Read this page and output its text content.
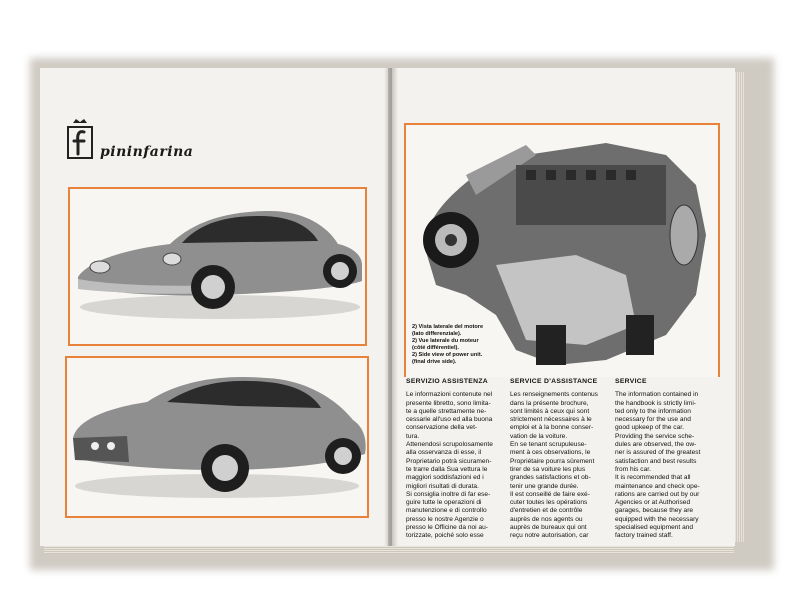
pininfarina
2) Vista laterale del motore
(lato differenziale).
2) Vue laterale du moteur
(côté différentiel).
2) Side view of power unit.
(final drive side).
SERVIZIO ASSISTENZA

Le informazioni contenute nel
presente libretto, sono limita-
te a quelle strettamente ne-
cessarie all'uso ed alla buona
conservazione della vet-
tura.
Attenendosi scrupolosamente
alla osservanza di esse, il
Proprietario potrà sicuramen-
te trarre dalla Sua vettura le
maggiori soddisfazioni ed i
migliori risultati di durata.
Si consiglia inoltre di far ese-
guire tutte le operazioni di
manutenzione e di controllo
presso le nostre Agenzie o
presso le Officine da noi au-
torizzate, poiché solo esse

SERVICE D'ASSISTANCE

Les renseignements contenus
dans la présente brochure,
sont limités à ceux qui sont
strictement nécessaires à le
emploi et à la bonne conser-
vation de la voiture.
En se tenant scrupuleuse-
ment à ces observations, le
Propriétaire pourra sûrement
tirer de sa voiture les plus
grandes satisfactions et ob-
tenir une grande durée.
Il est conseillé de faire exé-
cuter toutes les opérations
d'entretien et de contrôle
auprès de nos agents ou
auprès de bureaux qui ont
reçu notre autorisation, car

SERVICE

The information contained in
the handbook is strictly limi-
ted only to the information
necessary for the use and
good upkeep of the car.
Providing the service sche-
dules are observed, the ow-
ner is assured of the greatest
satisfaction and best results
from his car.
It is recommended that all
maintenance and check ope-
rations are carried out by our
Agencies or at Authorised
garages, because they are
equipped with the necessary
specialised equipment and
factory trained staff.
